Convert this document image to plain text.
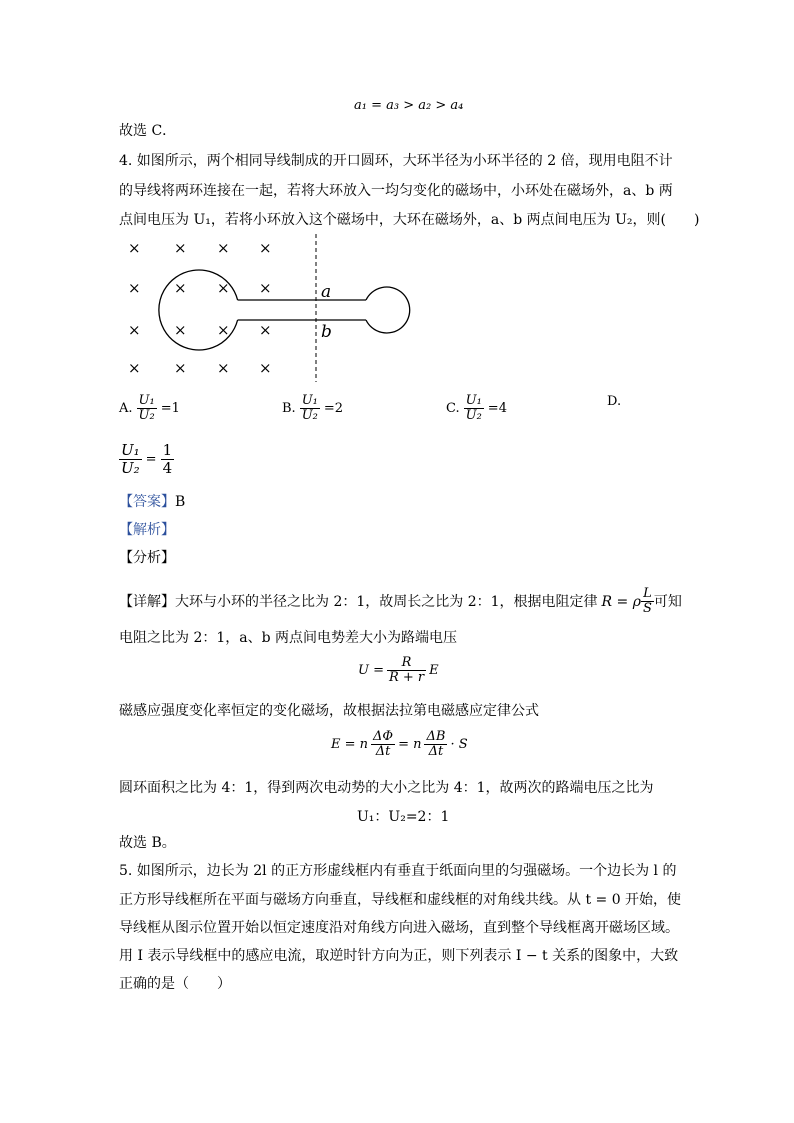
a₁ = a₃ > a₂ > a₄
故选 C．
4. 如图所示，两个相同导线制成的开口圆环，大环半径为小环半径的 2 倍，现用电阻不计
的导线将两环连接在一起，若将大环放入一均匀变化的磁场中，小环处在磁场外，a、b 两
点间电压为 U₁，若将小环放入这个磁场中，大环在磁场外，a、b 两点间电压为 U₂，则(　　)
× × × ×
× × × ×
× × × ×
× × × ×
a
b
A. $\frac{\text{U₁}}{\text{U₂}} =1$	B. $\frac{\text{U₁}}{\text{U₂}} =2$	C. $\frac{\text{U₁}}{\text{U₂}} =4$	D.
$\frac{\text{U₁}}{\text{U₂}} = \frac{1}{4}$
【答案】B
【解析】
【分析】
【详解】 大环与小环的半径之比为 2：1，故周长之比为 2：1，根据电阻定律 R = ρ $\frac{L}{S}$ 可知
电阻之比为 2：1，a、b 两点间电势差大小为路端电压
$U = \frac{R}{R + r}$ E
磁感应强度变化率恒定的变化磁场，故根据法拉第电磁感应定律公式
E = n $\frac{\Delta\Phi}{\Delta t} = n \frac{\Delta B}{\Delta t} \cdot S$
圆环面积之比为 4：1，得到两次电动势的大小之比为 4：1，故两次的路端电压之比为
U₁：U₂=2：1
故选 B。
5. 如图所示，边长为 2l 的正方形虚线框内有垂直于纸面向里的匀强磁场。一个边长为 l 的
正方形导线框所在平面与磁场方向垂直，导线框和虚线框的对角线共线。从 t = 0 开始，使
导线框从图示位置开始以恒定速度沿对角线方向进入磁场，直到整个导线框离开磁场区域。
用 I 表示导线框中的感应电流，取逆时针方向为正，则下列表示 I − t 关系的图象中，大致
正确的是（　　）
